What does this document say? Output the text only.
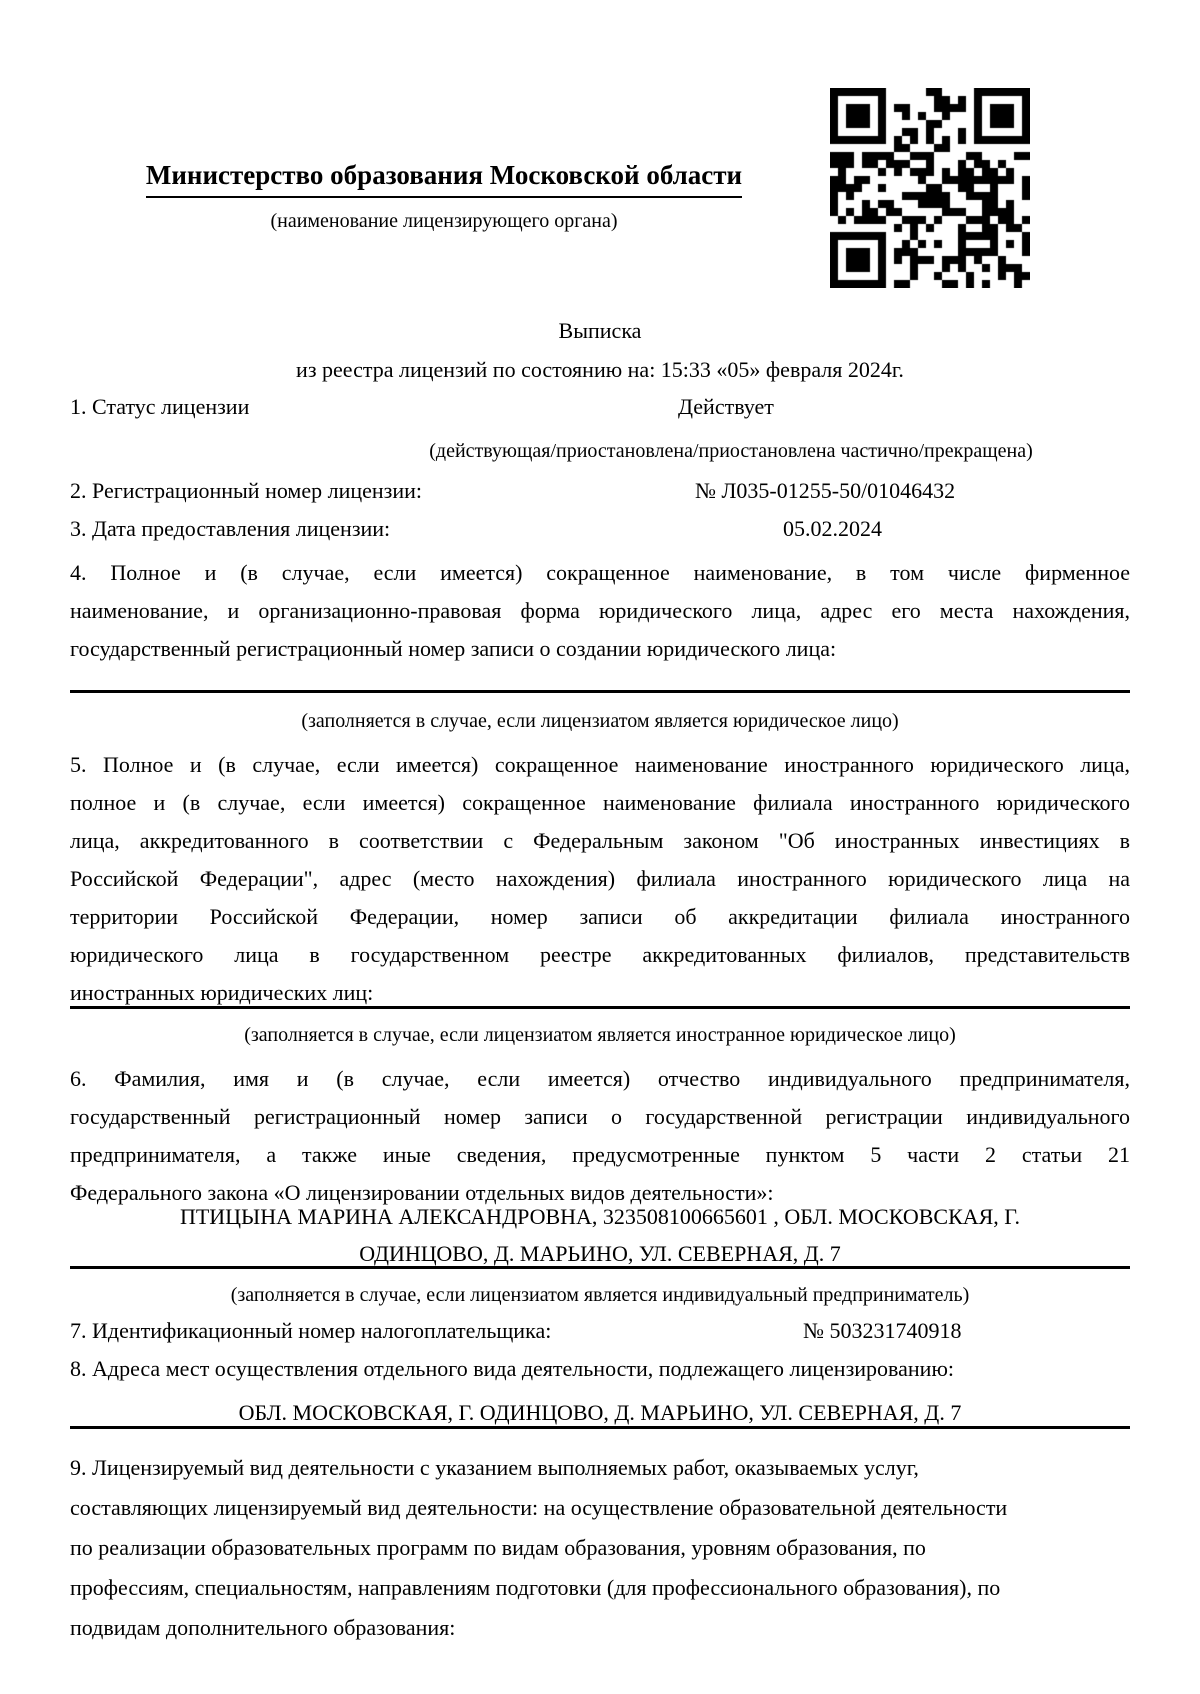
Министерство образования Московской области
(наименование лицензирующего органа)
Выписка
из реестра лицензий по состоянию на: 15:33 «05» февраля 2024г.
1. Статус лицензии	Действует
(действующая/приостановлена/приостановлена частично/прекращена)
2. Регистрационный номер лицензии:	№ Л035-01255-50/01046432
3. Дата предоставления лицензии:	05.02.2024
4. Полное и (в случае, если имеется) сокращенное наименование, в том числе фирменное
наименование, и организационно-правовая форма юридического лица, адрес его места нахождения,
государственный регистрационный номер записи о создании юридического лица:
(заполняется в случае, если лицензиатом является юридическое лицо)
5. Полное и (в случае, если имеется) сокращенное наименование иностранного юридического лица,
полное и (в случае, если имеется) сокращенное наименование филиала иностранного юридического
лица, аккредитованного в соответствии с Федеральным законом "Об иностранных инвестициях в
Российской Федерации", адрес (место нахождения) филиала иностранного юридического лица на
территории Российской Федерации, номер записи об аккредитации филиала иностранного
юридического лица в государственном реестре аккредитованных филиалов, представительств
иностранных юридических лиц:
(заполняется в случае, если лицензиатом является иностранное юридическое лицо)
6. Фамилия, имя и (в случае, если имеется) отчество индивидуального предпринимателя,
государственный регистрационный номер записи о государственной регистрации индивидуального
предпринимателя, а также иные сведения, предусмотренные пунктом 5 части 2 статьи 21
Федерального закона «О лицензировании отдельных видов деятельности»:
ПТИЦЫНА МАРИНА АЛЕКСАНДРОВНА, 323508100665601 , ОБЛ. МОСКОВСКАЯ, Г.
ОДИНЦОВО, Д. МАРЬИНО, УЛ. СЕВЕРНАЯ, Д. 7
(заполняется в случае, если лицензиатом является индивидуальный предприниматель)
7. Идентификационный номер налогоплательщика:	№ 503231740918
8. Адреса мест осуществления отдельного вида деятельности, подлежащего лицензированию:
ОБЛ. МОСКОВСКАЯ, Г. ОДИНЦОВО, Д. МАРЬИНО, УЛ. СЕВЕРНАЯ, Д. 7
9. Лицензируемый вид деятельности с указанием выполняемых работ, оказываемых услуг,
составляющих лицензируемый вид деятельности: на осуществление образовательной деятельности
по реализации образовательных программ по видам образования, уровням образования, по
профессиям, специальностям, направлениям подготовки (для профессионального образования), по
подвидам дополнительного образования:
